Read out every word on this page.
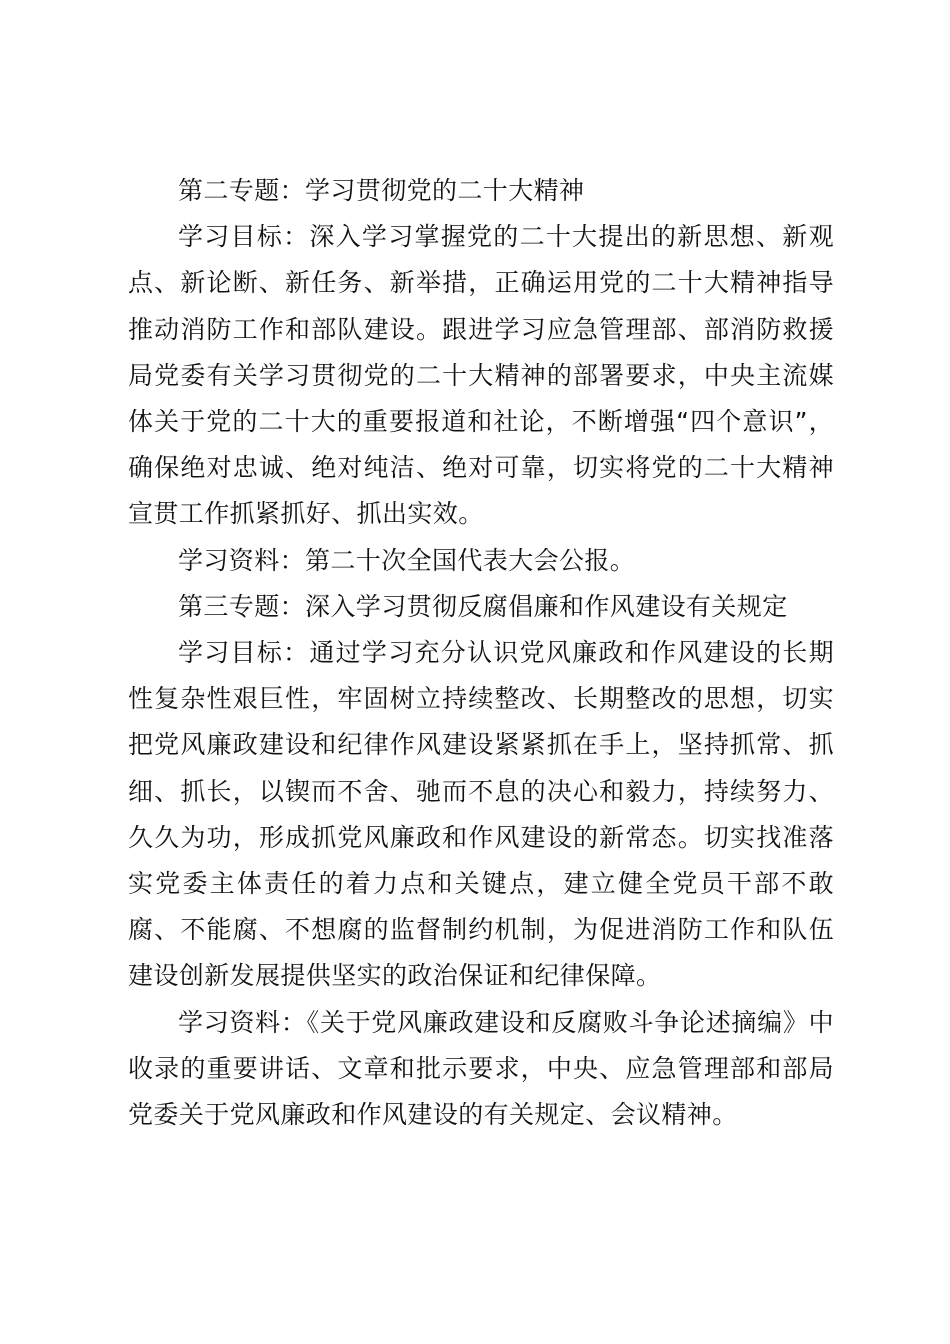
第二专题：学习贯彻党的二十大精神

学习目标：深入学习掌握党的二十大提出的新思想、新观点、新论断、新任务、新举措，正确运用党的二十大精神指导推动消防工作和部队建设。跟进学习应急管理部、部消防救援局党委有关学习贯彻党的二十大精神的部署要求，中央主流媒体关于党的二十大的重要报道和社论，不断增强“四个意识”，确保绝对忠诚、绝对纯洁、绝对可靠，切实将党的二十大精神宣贯工作抓紧抓好、抓出实效。

学习资料：第二十次全国代表大会公报。

第三专题：深入学习贯彻反腐倡廉和作风建设有关规定

学习目标：通过学习充分认识党风廉政和作风建设的长期性复杂性艰巨性，牢固树立持续整改、长期整改的思想，切实把党风廉政建设和纪律作风建设紧紧抓在手上，坚持抓常、抓细、抓长，以锲而不舍、驰而不息的决心和毅力，持续努力、久久为功，形成抓党风廉政和作风建设的新常态。切实找准落实党委主体责任的着力点和关键点，建立健全党员干部不敢腐、不能腐、不想腐的监督制约机制，为促进消防工作和队伍建设创新发展提供坚实的政治保证和纪律保障。

学习资料：《关于党风廉政建设和反腐败斗争论述摘编》中收录的重要讲话、文章和批示要求，中央、应急管理部和部局党委关于党风廉政和作风建设的有关规定、会议精神。
